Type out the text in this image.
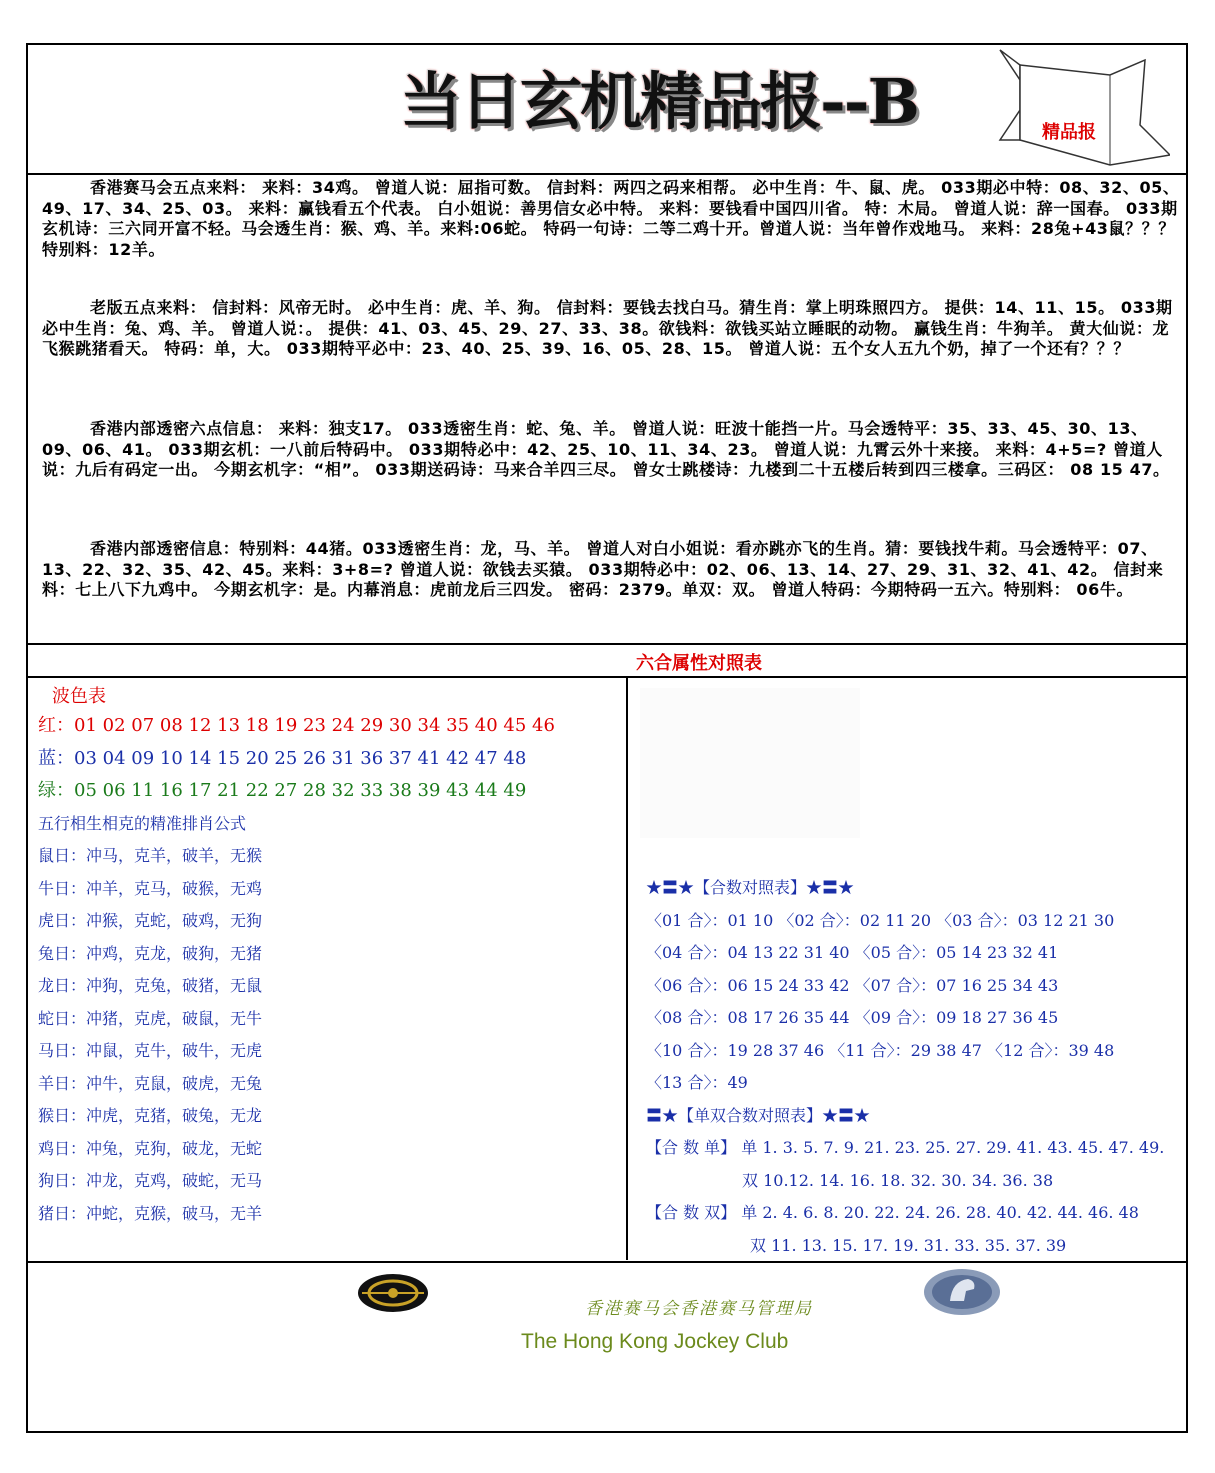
当日玄机精品报--B	精品报
香港赛马会五点来料： 来料：34鸡。 曾道人说：屈指可数。 信封料：两四之码来相帮。 必中生肖：牛、鼠、虎。 033期必中特：08、32、05、49、17、34、25、03。 来料：赢钱看五个代表。 白小姐说：善男信女必中特。 来料：要钱看中国四川省。 特：木局。 曾道人说：辞一国春。 033期玄机诗：三六同开富不轻。马会透生肖：猴、鸡、羊。来料:06蛇。 特码一句诗：二等二鸡十开。曾道人说：当年曾作戏地马。 来料：28兔+43鼠？？？特别料：12羊。
老版五点来料： 信封料：风帝无时。 必中生肖：虎、羊、狗。 信封料：要钱去找白马。猜生肖：掌上明珠照四方。 提供：14、11、15。 033期必中生肖：兔、鸡、羊。 曾道人说：。 提供：41、03、45、29、27、33、38。欲钱料：欲钱买站立睡眠的动物。 赢钱生肖：牛狗羊。 黄大仙说：龙飞猴跳猪看天。 特码：单，大。 033期特平必中：23、40、25、39、16、05、28、15。 曾道人说：五个女人五九个奶，掉了一个还有？？？
香港内部透密六点信息： 来料：独支17。 033透密生肖：蛇、兔、羊。 曾道人说：旺波十能挡一片。马会透特平：35、33、45、30、13、09、06、41。 033期玄机：一八前后特码中。 033期特必中：42、25、10、11、34、23。 曾道人说：九霄云外十来接。 来料：4+5=? 曾道人说：九后有码定一出。 今期玄机字：“相”。 033期送码诗：马来合羊四三尽。 曾女士跳楼诗：九楼到二十五楼后转到四三楼拿。三码区： 08 15 47。
香港内部透密信息：特别料：44猪。033透密生肖：龙，马、羊。 曾道人对白小姐说：看亦跳亦飞的生肖。猜：要钱找牛莉。马会透特平：07、13、22、32、35、42、45。来料：3+8=? 曾道人说：欲钱去买猿。 033期特必中：02、06、13、14、27、29、31、32、41、42。 信封来料：七上八下九鸡中。 今期玄机字：是。内幕消息：虎前龙后三四发。 密码：2379。单双：双。 曾道人特码：今期特码一五六。特别料： 06牛。
六合属性对照表
波色表
红：01 02 07 08 12 13 18 19 23 24 29 30 34 35 40 45 46
蓝：03 04 09 10 14 15 20 25 26 31 36 37 41 42 47 48
绿：05 06 11 16 17 21 22 27 28 32 33 38 39 43 44 49
五行相生相克的精准排肖公式
鼠日：冲马，克羊，破羊，无猴
牛日：冲羊，克马，破猴，无鸡
虎日：冲猴，克蛇，破鸡，无狗
兔日：冲鸡，克龙，破狗，无猪
龙日：冲狗，克兔，破猪，无鼠
蛇日：冲猪，克虎，破鼠，无牛
马日：冲鼠，克牛，破牛，无虎
羊日：冲牛，克鼠，破虎，无兔
猴日：冲虎，克猪，破兔，无龙
鸡日：冲兔，克狗，破龙，无蛇
狗日：冲龙，克鸡，破蛇，无马
猪日：冲蛇，克猴，破马，无羊
★〓★【合数对照表】★〓★
〈01 合〉：01 10 〈02 合〉：02 11 20 〈03 合〉：03 12 21 30
〈04 合〉：04 13 22 31 40 〈05 合〉：05 14 23 32 41
〈06 合〉：06 15 24 33 42 〈07 合〉：07 16 25 34 43
〈08 合〉：08 17 26 35 44 〈09 合〉：09 18 27 36 45
〈10 合〉：19 28 37 46 〈11 合〉：29 38 47 〈12 合〉：39 48
〈13 合〉：49
〓★【单双合数对照表】★〓★
【合 数 单】 单 1. 3. 5. 7. 9. 21. 23. 25. 27. 29. 41. 43. 45. 47. 49.
双 10.12. 14. 16. 18. 32. 30. 34. 36. 38
【合 数 双】 单 2. 4. 6. 8. 20. 22. 24. 26. 28. 40. 42. 44. 46. 48
双 11. 13. 15. 17. 19. 31. 33. 35. 37. 39
香港赛马会香港赛马管理局
The Hong Kong Jockey Club
